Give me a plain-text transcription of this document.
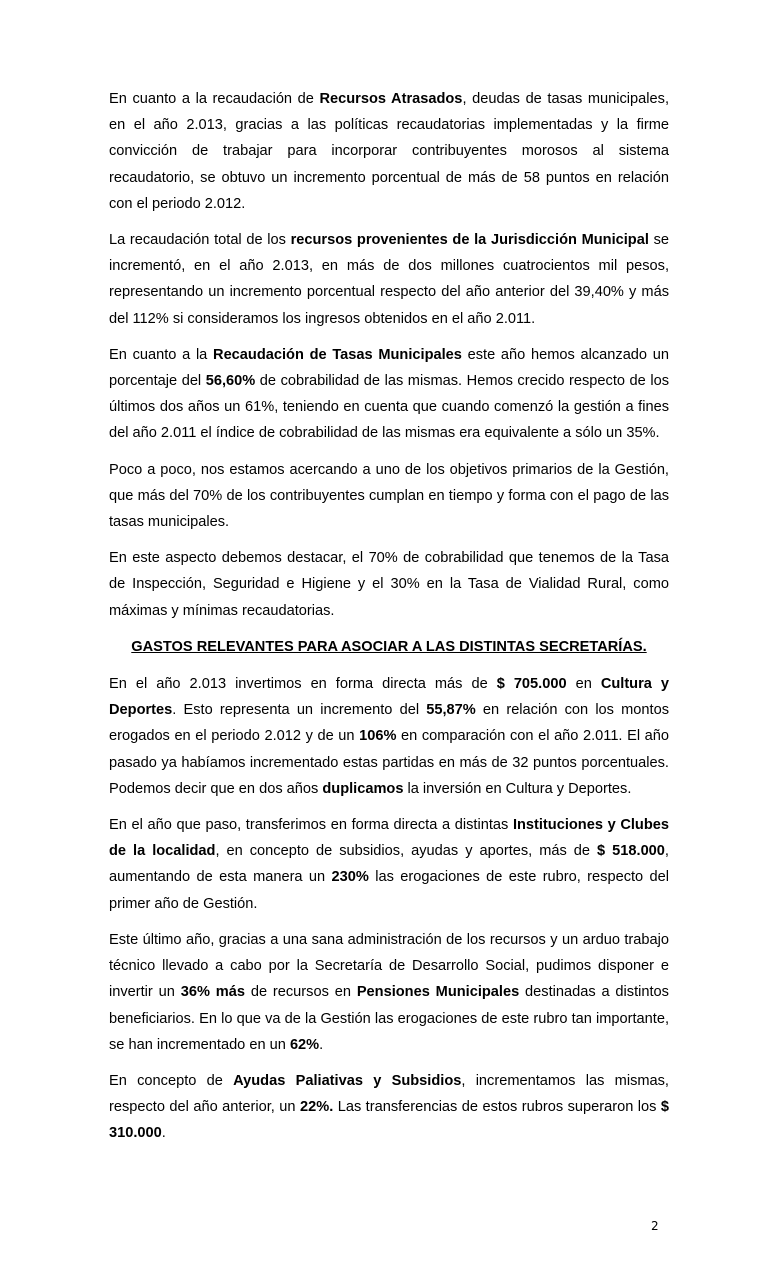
En cuanto a la recaudación de Recursos Atrasados, deudas de tasas municipales, en el año 2.013, gracias a las políticas recaudatorias implementadas y la firme convicción de trabajar para incorporar contribuyentes morosos al sistema recaudatorio, se obtuvo un incremento porcentual de más de 58 puntos en relación con el periodo 2.012.

La recaudación total de los recursos provenientes de la Jurisdicción Municipal se incrementó, en el año 2.013, en más de dos millones cuatrocientos mil pesos, representando un incremento porcentual respecto del año anterior del 39,40% y más del 112% si consideramos los ingresos obtenidos en el año 2.011.

En cuanto a la Recaudación de Tasas Municipales este año hemos alcanzado un porcentaje del 56,60% de cobrabilidad de las mismas. Hemos crecido respecto de los últimos dos años un 61%, teniendo en cuenta que cuando comenzó la gestión a fines del año 2.011 el índice de cobrabilidad de las mismas era equivalente a sólo un 35%.

Poco a poco, nos estamos acercando a uno de los objetivos primarios de la Gestión, que más del 70% de los contribuyentes cumplan en tiempo y forma con el pago de las tasas municipales.

En este aspecto debemos destacar, el 70% de cobrabilidad que tenemos de la Tasa de Inspección, Seguridad e Higiene y el 30% en la Tasa de Vialidad Rural, como máximas y mínimas recaudatorias.

GASTOS RELEVANTES PARA ASOCIAR A LAS DISTINTAS SECRETARÍAS.

En el año 2.013 invertimos en forma directa más de $ 705.000 en Cultura y Deportes. Esto representa un incremento del 55,87% en relación con los montos erogados en el periodo 2.012 y de un 106% en comparación con el año 2.011. El año pasado ya habíamos incrementado estas partidas en más de 32 puntos porcentuales. Podemos decir que en dos años duplicamos la inversión en Cultura y Deportes.

En el año que paso, transferimos en forma directa a distintas Instituciones y Clubes de la localidad, en concepto de subsidios, ayudas y aportes, más de $ 518.000, aumentando de esta manera un 230% las erogaciones de este rubro, respecto del primer año de Gestión.

Este último año, gracias a una sana administración de los recursos y un arduo trabajo técnico llevado a cabo por la Secretaría de Desarrollo Social, pudimos disponer e invertir un 36% más de recursos en Pensiones Municipales destinadas a distintos beneficiarios. En lo que va de la Gestión las erogaciones de este rubro tan importante, se han incrementado en un 62%.

En concepto de Ayudas Paliativas y Subsidios, incrementamos las mismas, respecto del año anterior, un 22%. Las transferencias de estos rubros superaron los $ 310.000.

2
